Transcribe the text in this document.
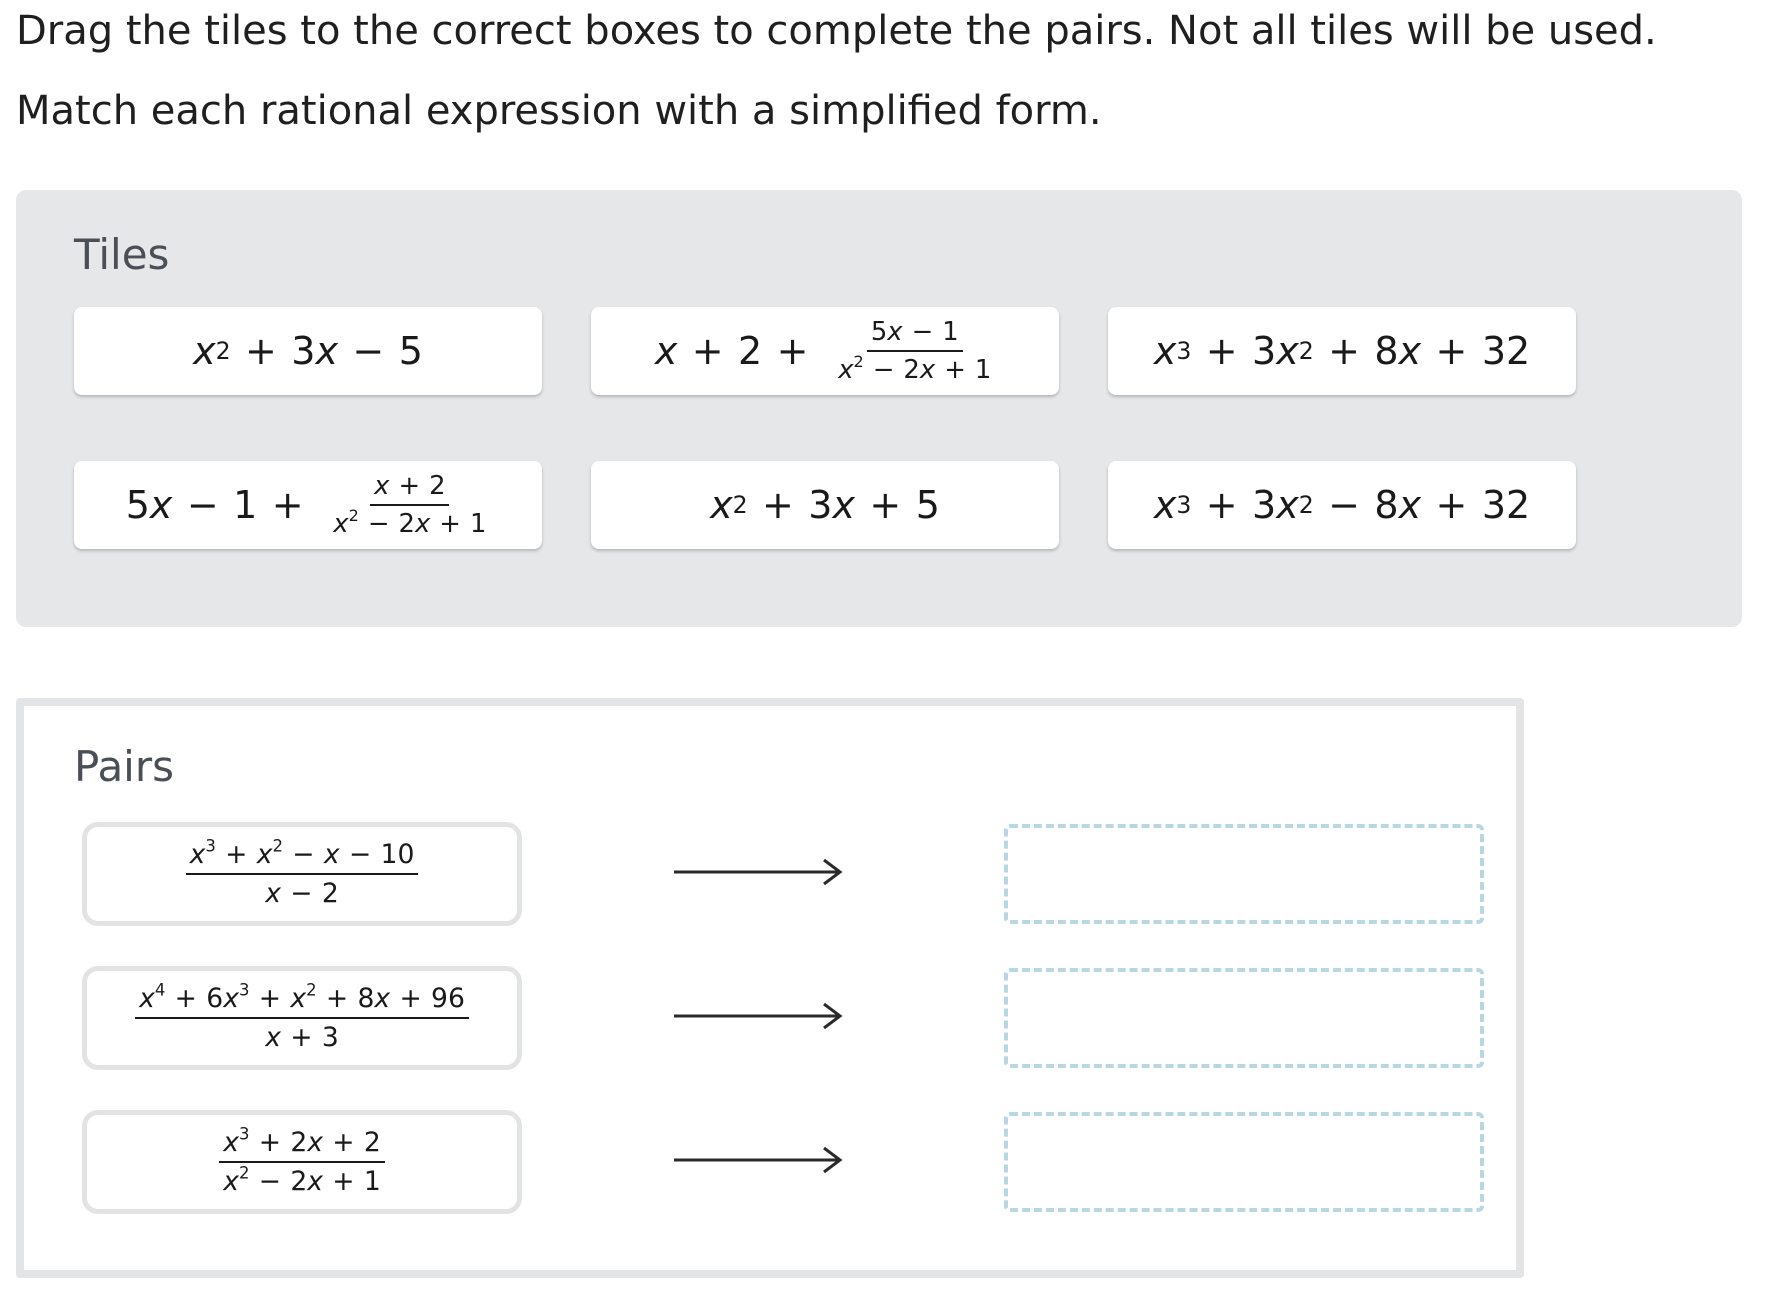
Drag the tiles to the correct boxes to complete the pairs. Not all tiles will be used.
Match each rational expression with a simplified form.
Tiles
x 2 + 3 x − 5	$x + 2 + \frac{5x - 1}{x^2 - 2x + 1}$	x 3 + 3 x 2 + 8 x + 32
5 $x - 1 + \frac{x + 2}{x^2 - 2x + 1}$	x 2 + 3 x + 5	x 3 + 3 x 2 − 8 x + 32
Pairs
$\frac{x^3 + x^2 - x - 10}{x - 2}$
$\frac{x^4 + 6x^3 + x^2 + 8x + 96}{x + 3}$
$\frac{x^3 + 2x + 2}{x^2 - 2x + 1}$
